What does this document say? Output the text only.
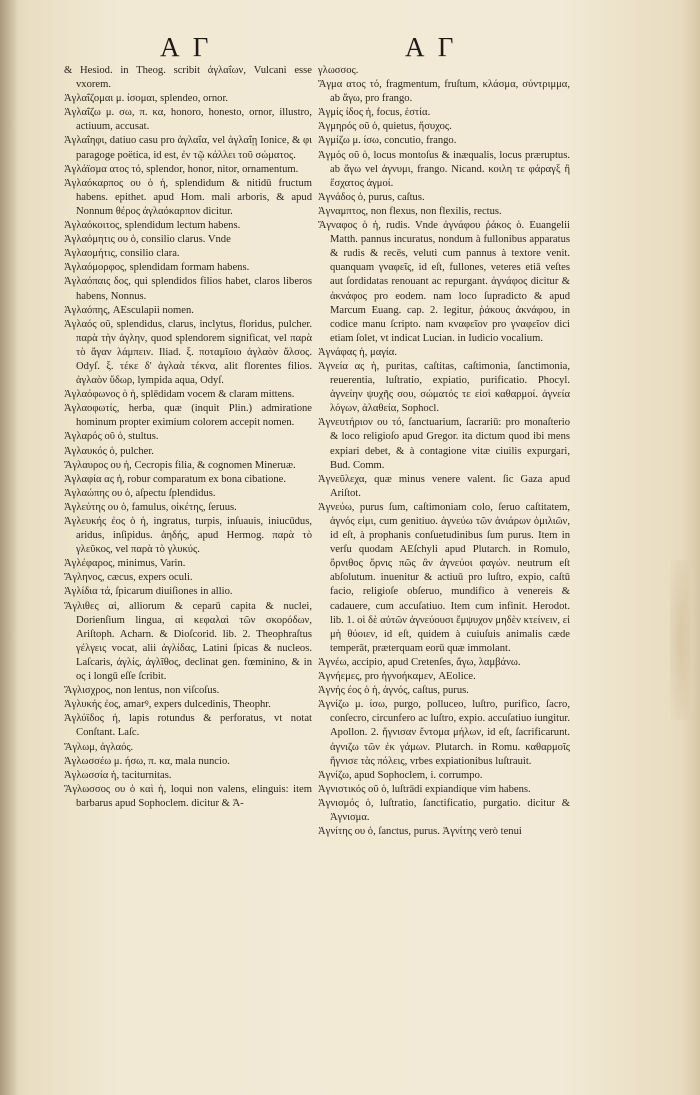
Α Γ	Α Γ

& Hesiod. in Theog. scribit ἀγλαΐων, Vulcani esse vxorem.

Ἀγλαΐζομαι μ. ίσομαι, splendeo, ornor.

Ἀγλαΐζω μ. σω, π. κα, honoro, honesto, ornor, illustro, actiuum, accusat.

Ἀγλαΐηφι, datiuo casu pro ἀγλαΐα, vel ἀγλαΐῃ Ionice, & φι paragoge poëtica, id est, ἐν τῷ κάλλει τοῦ σώματος.

Ἀγλάϊσμα ατος τό, splendor, honor, nitor, ornamentum.

Ἀγλαόκαρπος ου ὁ ἡ, splendidum & nitidū fructum habens. epithet. apud Hom. mali arboris, & apud Nonnum θέρος ἀγλαόκαρπον dicitur.

Ἀγλαόκοιτος, splendidum lectum habens.

Ἀγλαόμητις ου ὁ, consilio clarus. Vnde

Ἀγλαομήτις, consilio clara.

Ἀγλαόμορφος, splendidam formam habens.

Ἀγλαόπαις δος, qui splendidos filios habet, claros liberos habens, Nonnus.

Ἀγλαόπης, AEsculapii nomen.

Ἀγλαός οῦ, splendidus, clarus, inclytus, floridus, pulcher. παρὰ τὴν ἀγλην, quod splendorem significat, vel παρὰ τὸ ἄγαν λάμπειν. Iliad. ξ. ποταμῖοιο ἀγλαὸν ἄλσος. Odyſ. ξ. τέκε δ' ἀγλαὰ τέκνα, alit florentes filios. ἀγλαὸν ὕδωρ, lympida aqua, Odyſ.

Ἀγλαόφωνος ὁ ἡ, splēdidam vocem & claram mittens.

Ἀγλαοφωτίς, herba, quæ (inquit Plin.) admiratione hominum propter eximium colorem accepit nomen.

Ἀγλαρός οῦ ὁ, stultus.

Ἀγλαυκός ὁ, pulcher.

Ἄγλαυρος ου ἡ, Cecropis filia, & cognomen Mineruæ.

Ἀγλαφία ας ἡ, robur comparatum ex bona cibatione.

Ἀγλαώπης ου ὁ, aſpectu ſplendidus.

Ἀγλεύτης ου ὁ, famulus, οἰκέτης, ſeruus.

Ἀγλευκής ἐος ὁ ἡ, ingratus, turpis, inſuauis, iniucūdus, aridus, inſipidus. ἀηδής, apud Hermog. παρὰ τὸ γλεῦκος, vel παρὰ τὸ γλυκύς.

Ἀγλέφαρος, minimus, Varin.

Ἄγληνος, cæcus, expers oculi.

Ἀγλίδια τά, ſpicarum diuiſiones in allio.

Ἄγλιθες αἱ, alliorum & ceparū capita & nuclei, Dorienſium lingua, αἱ κεφαλαὶ τῶν σκορόδων, Ariſtoph. Acharn. & Dioſcorid. lib. 2. Theophraſtus γέλγεις vocat, alii ἀγλίδας, Latini ſpicas & nucleos. Laſcaris, ἀγλίς, ἀγλῖθος, declinat gen. fœminino, & in ος i longū eſſe ſcribit.

Ἄγλισχρος, non lentus, non viſcoſus.

Ἀγλυκής ἐος, amarꝰ, expers dulcedinis, Theophr.

Ἀγλύϊδος ἡ, lapis rotundus & perforatus, vt notat Conſtant. Laſc.

Ἄγλωμ, ἀγλαός.

Ἀγλωσσέω μ. ήσω, π. κα, mala nuncio.

Ἀγλωσσία ἡ, taciturnitas.

Ἄγλωσσος ου ὁ καὶ ἡ, loqui non valens, elinguis: item barbarus apud Sophoclem. dicitur & Ἀ-

γλωσσος.

Ἄγμα ατος τό, fragmentum, fruſtum, κλάσμα, σύντριμμα, ab ἄγω, pro frango.

Ἀγμίς ίδος ἡ, focus, ἑστία.

Ἀγμηρός οῦ ὁ, quietus, ἥσυχος.

Ἀγμίζω μ. ίσω, concutio, frango.

Ἀγμός οῦ ὁ, locus montoſus & inæqualis, locus præruptus. ab ἄγω vel ἀγνυμι, frango. Nicand. κοιλη τε φάραγξ ἢ ἔσχατος ἀγμοί.

Ἀγνάδος ὁ, purus, caſtus.

Ἀγναμπτος, non flexus, non flexilis, rectus.

Ἄγναφος ὁ ἡ, rudis. Vnde ἀγνάφου ῥάκος ὁ. Euangelii Matth. pannus incuratus, nondum à fullonibus apparatus & rudis & recēs, veluti cum pannus à textore venit. quanquam γναφεῖς, id eſt, fullones, veteres etiā veſtes aut ſordidatas renouant ac repurgant. ἀγνάφος dicitur & ἀκνάφος pro eodem. nam loco ſupradicto & apud Marcum Euang. cap. 2. legitur, ῥάκους ἀκνάφου, in codice manu ſcripto. nam κναφεῖον pro γναφεῖον dici etiam ſolet, vt indicat Lucian. in Iudicio vocalium.

Ἀγνάφας ἡ, μαγία.

Ἀγνεία ας ἡ, puritas, caſtitas, caſtimonia, ſanctimonia, reuerentia, luſtratio, expiatio, purificatio. Phocyl. ἁγνείην ψυχῆς σου, σώματός τε εἰσὶ καθαρμοί. ἀγνεία λόγων, ἀλαθεία, Sophocl.

Ἀγνευτήριον ου τό, ſanctuarium, ſacrariū: pro monaſterio & loco religioſo apud Gregor. ita dictum quod ibi mens expiari debet, & à contagione vitæ ciuilis expurgari, Bud. Comm.

Ἀγνεῦλεχα, quæ minus venere valent. ſic Gaza apud Ariſtot.

Ἀγνεύω, purus ſum, caſtimoniam colo, ſeruo caſtitatem, ἁγνός εἰμι, cum genitiuo. ἁγνεύω τῶν ἀνιάρων ὁμιλιῶν, id eſt, à prophanis conſuetudinibus ſum purus. Item in verſu quodam AEſchyli apud Plutarch. in Romulo, ὄρνιθος ὄρνις πῶς ἂν ἁγνεύοι φαγών. neutrum eſt abſolutum. inuenitur & actiuū pro luſtro, expio, caſtū facio, religioſe obſeruo, mundifico à venereis & cadauere, cum accuſatiuo. Item cum infinit. Herodot. lib. 1. οἱ δὲ αὐτῶν ἀγνεύουσι ἔμψυχον μηδὲν κτείνειν, εἰ μὴ θύοιεν, id eſt, quidem à cuiuſuis animalis cæde temperāt, præterquam eorū quæ immolant.

Ἀγνέω, accipio, apud Cretenſes, ἄγω, λαμβάνω.

Ἀγνήεμες, pro ἠγνοήκαμεν, AEolice.

Ἀγνής έος ὁ ἡ, ἁγνός, caſtus, purus.

Ἀγνίζω μ. ίσω, purgo, polluceo, luſtro, purifico, ſacro, conſecro, circunfero ac luſtro, expio. accuſatiuo iungitur. Apollon. 2. ἥγνισαν ἔντομα μήλων, id eſt, ſacrificarunt. ἀγνιζω τῶν ἐκ γάμων. Plutarch. in Romu. καθαρμοῖς ἥγνισε τὰς πόλεις, vrbes expiationibus luſtrauit.

Ἀγνίζω, apud Sophoclem, i. corrumpo.

Ἀγνιστικός οῦ ὁ, luſtrādi expiandique vim habens.

Ἀγνισμός ὁ, luſtratio, ſanctificatio, purgatio. dicitur & Ἀγνισμα.

Ἀγνίτης ου ὁ, ſanctus, purus. Ἀγνίτης verò tenui
